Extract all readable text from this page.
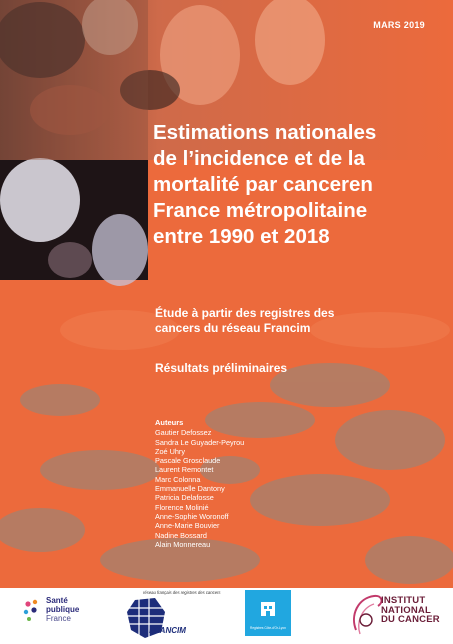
MARS 2019
Estimations nationales
de l’incidence et de la
mortalité par canceren
France métropolitaine
entre 1990 et 2018
Étude à partir des registres des
cancers du réseau Francim
Résultats préliminaires
Auteurs
Gautier Defossez
Sandra Le Guyader-Peyrou
Zoé Uhry
Pascale Grosclaude
Laurent Remontet
Marc Colonna
Emmanuelle Dantony
Patricia Delafosse
Florence Molinié
Anne-Sophie Woronoff
Anne-Marie Bouvier
Nadine Bossard
Alain Monnereau
Santé
publique
France
réseau français des registres des cancers
FRANCIM	Registres Côte-d'Or-Lyon
INSTITUT
NATIONAL
DU CANCER
